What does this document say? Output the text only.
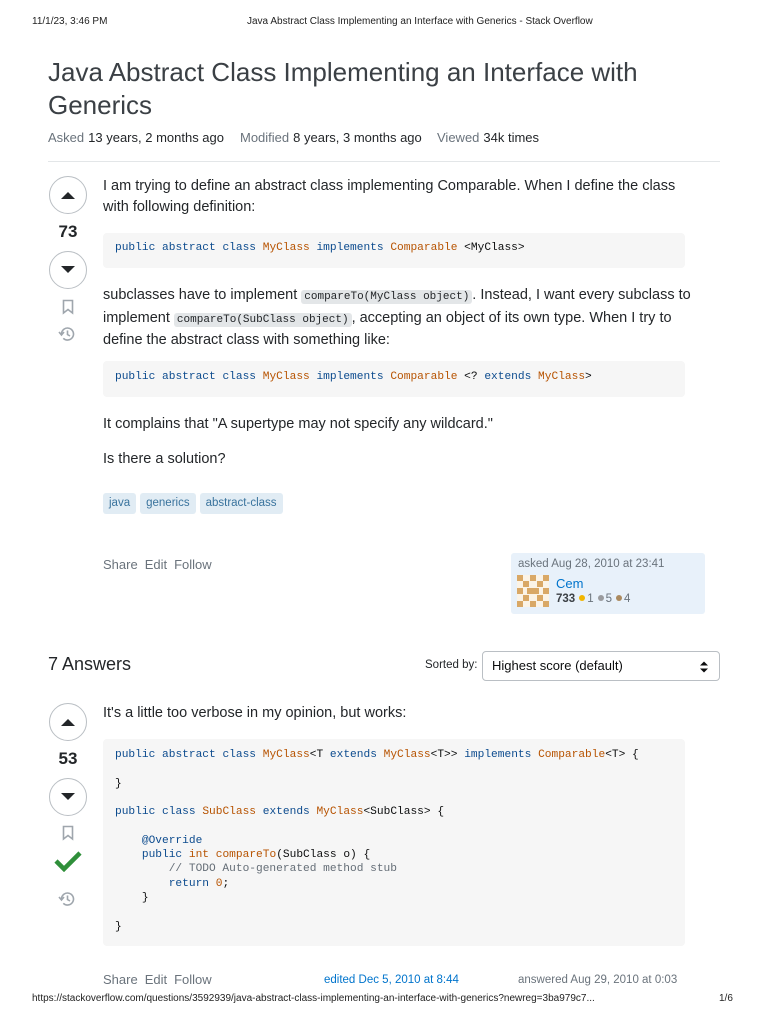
11/1/23, 3:46 PM	Java Abstract Class Implementing an Interface with Generics - Stack Overflow
Java Abstract Class Implementing an Interface with Generics
Asked 13 years, 2 months ago Modified 8 years, 3 months ago Viewed 34k times
73

I am trying to define an abstract class implementing Comparable. When I define the class with following definition:

public abstract class MyClass implements Comparable <MyClass>

subclasses have to implement compareTo(MyClass object) . Instead, I want every subclass to implement compareTo(SubClass object) , accepting an object of its own type. When I try to define the abstract class with something like:

public abstract class MyClass implements Comparable <? extends MyClass>

It complains that "A supertype may not specify any wildcard."

Is there a solution?

java generics abstract-class
Share Edit Follow	asked Aug 28, 2010 at 23:41
Cem
733 1 5 4
7 Answers	Sorted by:	Highest score (default)
53

It's a little too verbose in my opinion, but works:

public abstract class MyClass<T extends MyClass<T>> implements Comparable<T> {

}

public class SubClass extends MyClass<SubClass> {

@Override
public int compareTo(SubClass o) {
// TODO Auto-generated method stub
return 0;
}

}
Share Edit Follow	edited Dec 5, 2010 at 8:44	answered Aug 29, 2010 at 0:03
https://stackoverflow.com/questions/3592939/java-abstract-class-implementing-an-interface-with-generics?newreg=3ba979c7...	1/6
